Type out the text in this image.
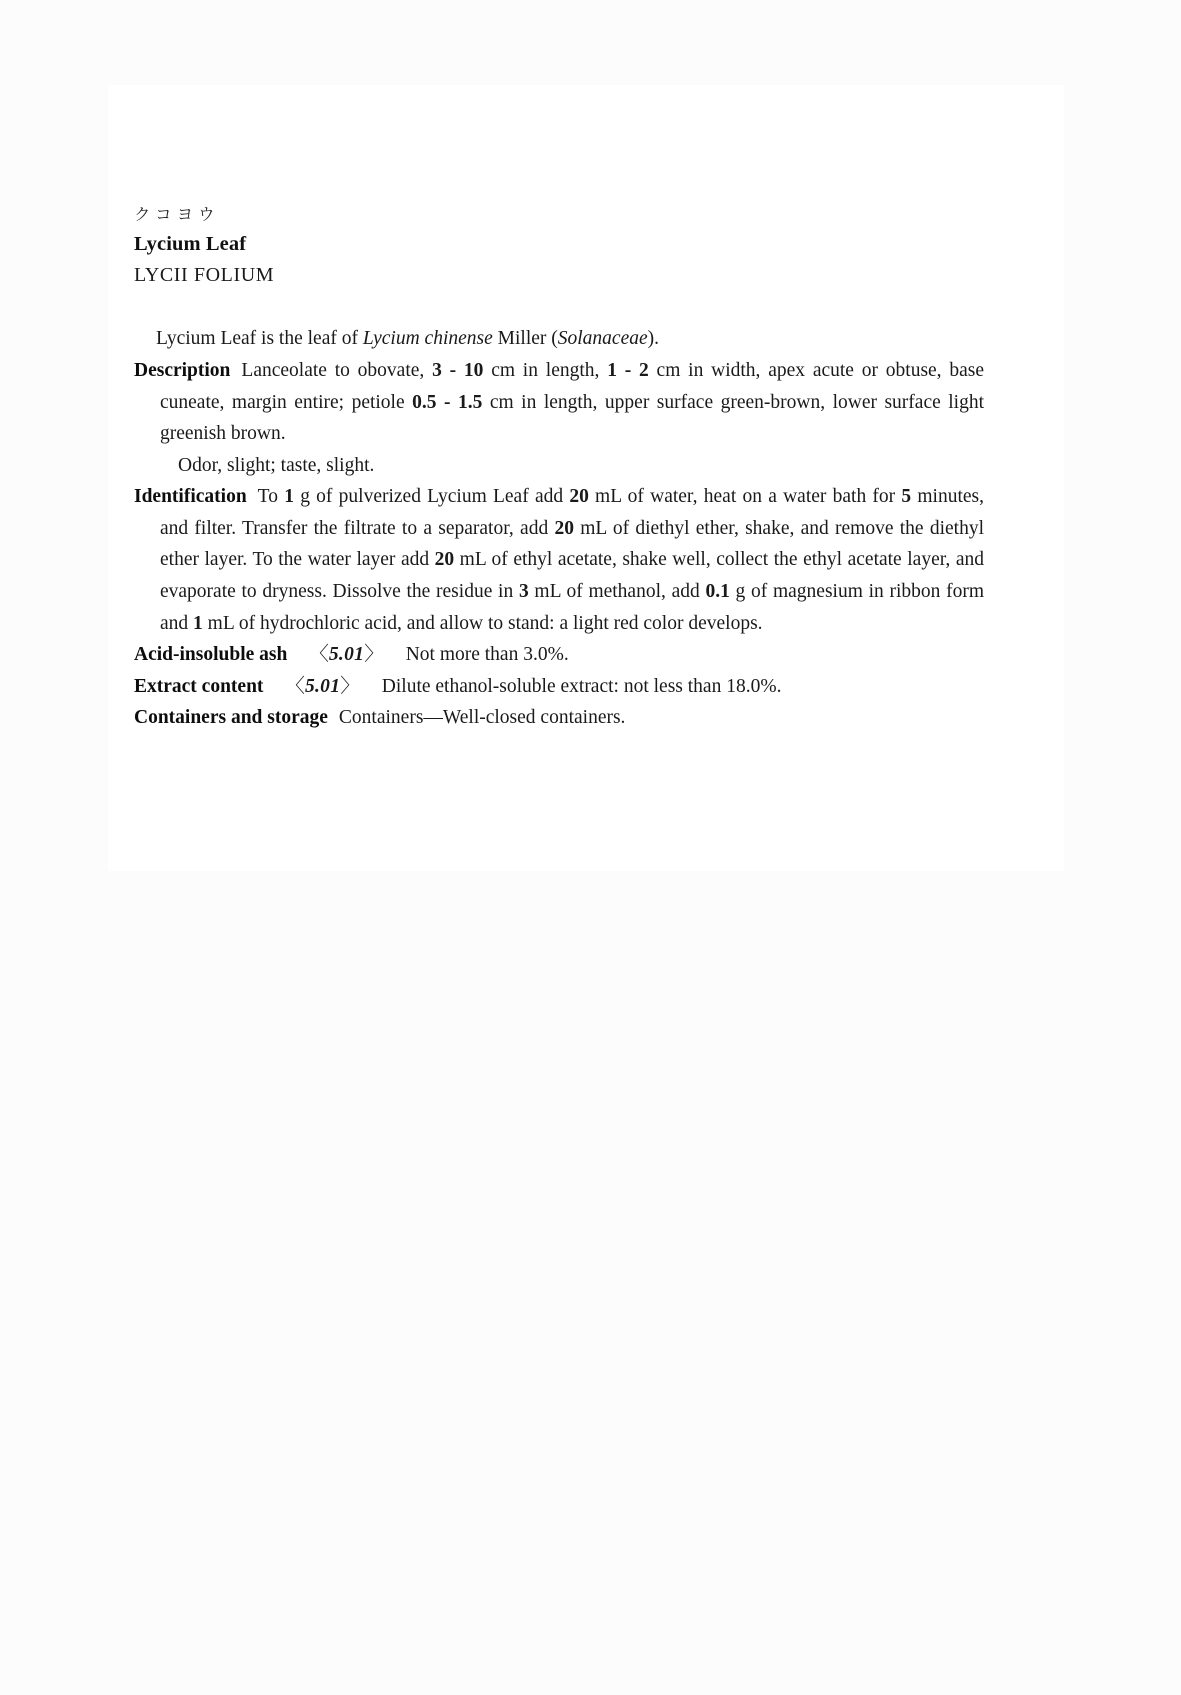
クコヨウ
Lycium Leaf
LYCII FOLIUM

Lycium Leaf is the leaf of Lycium chinense Miller (Solanaceae).

Description Lanceolate to obovate, 3 - 10 cm in length, 1 - 2 cm in width, apex acute or obtuse, base cuneate, margin entire; petiole 0.5 - 1.5 cm in length, upper surface green-brown, lower surface light greenish brown.

Odor, slight; taste, slight.

Identification To 1 g of pulverized Lycium Leaf add 20 mL of water, heat on a water bath for 5 minutes, and filter. Transfer the filtrate to a separator, add 20 mL of diethyl ether, shake, and remove the diethyl ether layer. To the water layer add 20 mL of ethyl acetate, shake well, collect the ethyl acetate layer, and evaporate to dryness. Dissolve the residue in 3 mL of methanol, add 0.1 g of magnesium in ribbon form and 1 mL of hydrochloric acid, and allow to stand: a light red color develops.

Acid-insoluble ash 〈5.01〉 Not more than 3.0%.

Extract content 〈5.01〉 Dilute ethanol-soluble extract: not less than 18.0%.

Containers and storage Containers—Well-closed containers.
